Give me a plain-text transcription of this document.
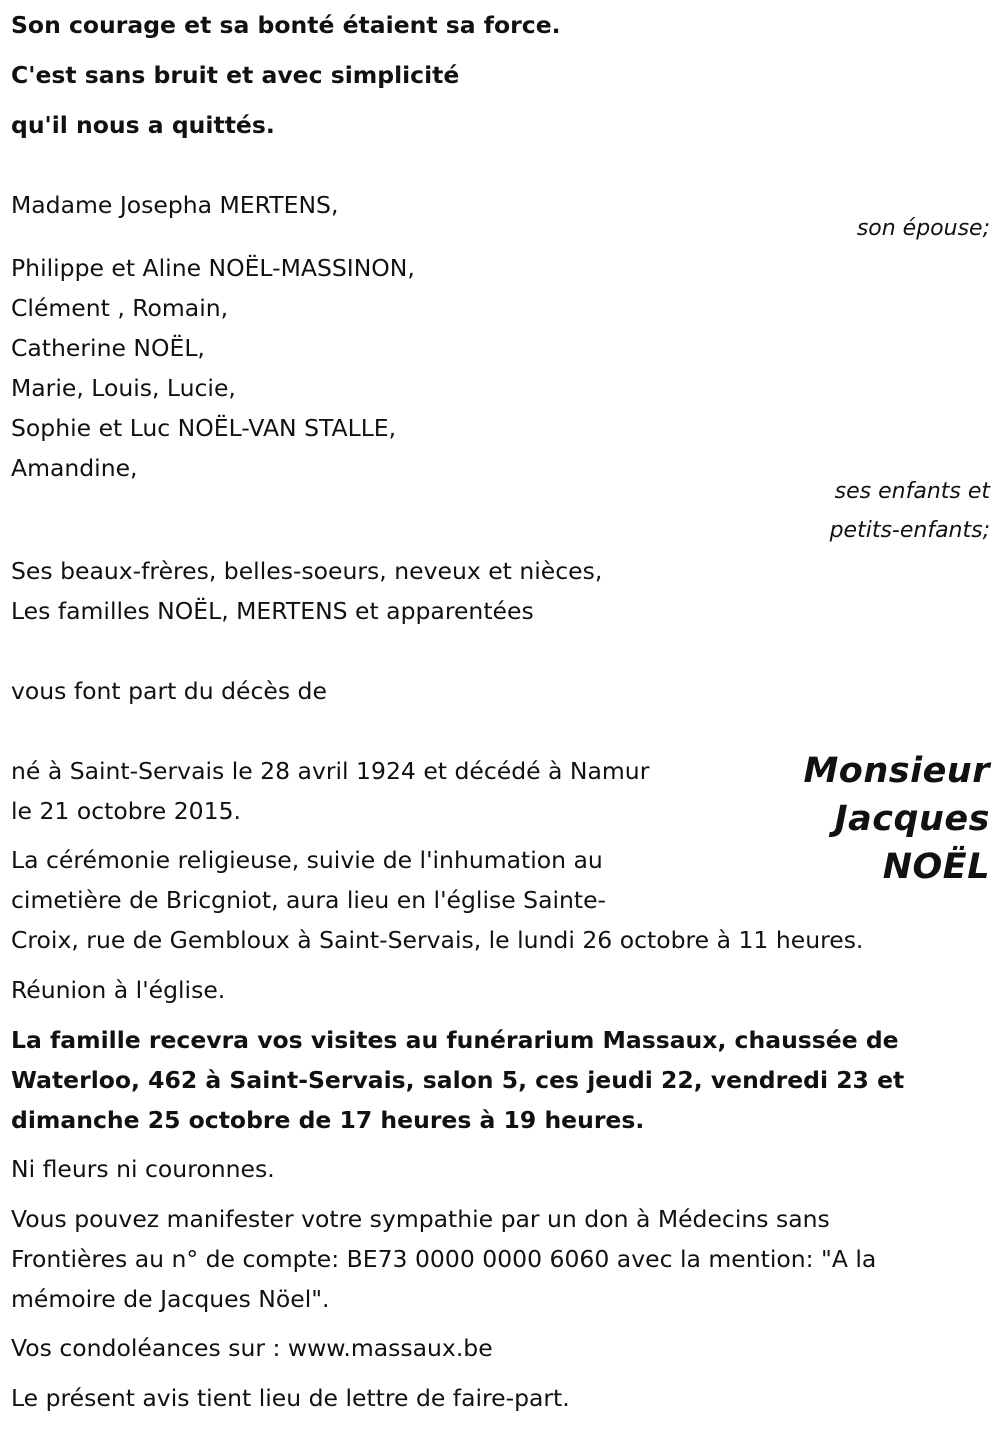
Son courage et sa bonté étaient sa force.
C'est sans bruit et avec simplicité
qu'il nous a quittés.
Madame Josepha MERTENS,
son épouse;
Philippe et Aline NOËL-MASSINON,
Clément , Romain,
Catherine NOËL,
Marie, Louis, Lucie,
Sophie et Luc NOËL-VAN STALLE,
Amandine,
ses enfants et
petits-enfants;
Ses beaux-frères, belles-soeurs, neveux et nièces,
Les familles NOËL, MERTENS et apparentées
vous font part du décès de
Monsieur
Jacques
NOËL
né à Saint-Servais le 28 avril 1924 et décédé à Namur
le 21 octobre 2015.
La cérémonie religieuse, suivie de l'inhumation au
cimetière de Bricgniot, aura lieu en l'église Sainte-
Croix, rue de Gembloux à Saint-Servais, le lundi 26 octobre à 11 heures.
Réunion à l'église.
La famille recevra vos visites au funérarium Massaux, chaussée de
Waterloo, 462 à Saint-Servais, salon 5, ces jeudi 22, vendredi 23 et
dimanche 25 octobre de 17 heures à 19 heures.
Ni fleurs ni couronnes.
Vous pouvez manifester votre sympathie par un don à Médecins sans
Frontières au n° de compte: BE73 0000 0000 6060 avec la mention: "A la
mémoire de Jacques Nöel".
Vos condoléances sur : www.massaux.be
Le présent avis tient lieu de lettre de faire-part.
